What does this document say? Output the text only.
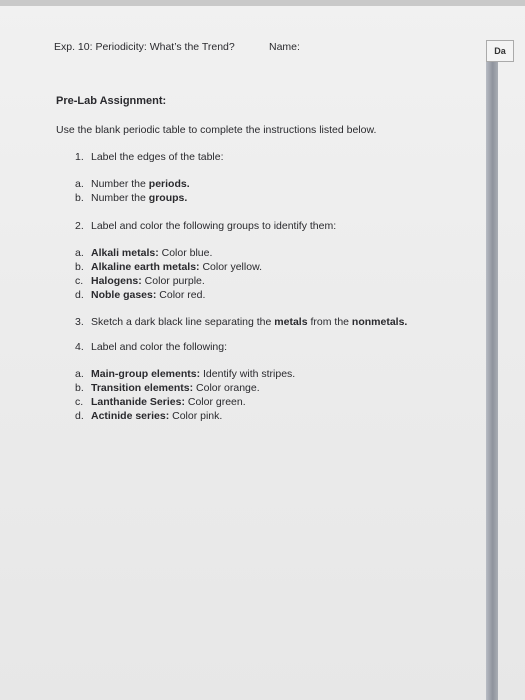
Da
Exp. 10: Periodicity: What’s the Trend?	Name:
Pre-Lab Assignment:
Use the blank periodic table to complete the instructions listed below.
1. Label the edges of the table:
a. Number the periods.
b. Number the groups.
2. Label and color the following groups to identify them:
a. Alkali metals: Color blue.
b. Alkaline earth metals: Color yellow.
c. Halogens: Color purple.
d. Noble gases: Color red.
3. Sketch a dark black line separating the metals from the nonmetals.
4. Label and color the following:
a. Main-group elements: Identify with stripes.
b. Transition elements: Color orange.
c. Lanthanide Series: Color green.
d. Actinide series: Color pink.
